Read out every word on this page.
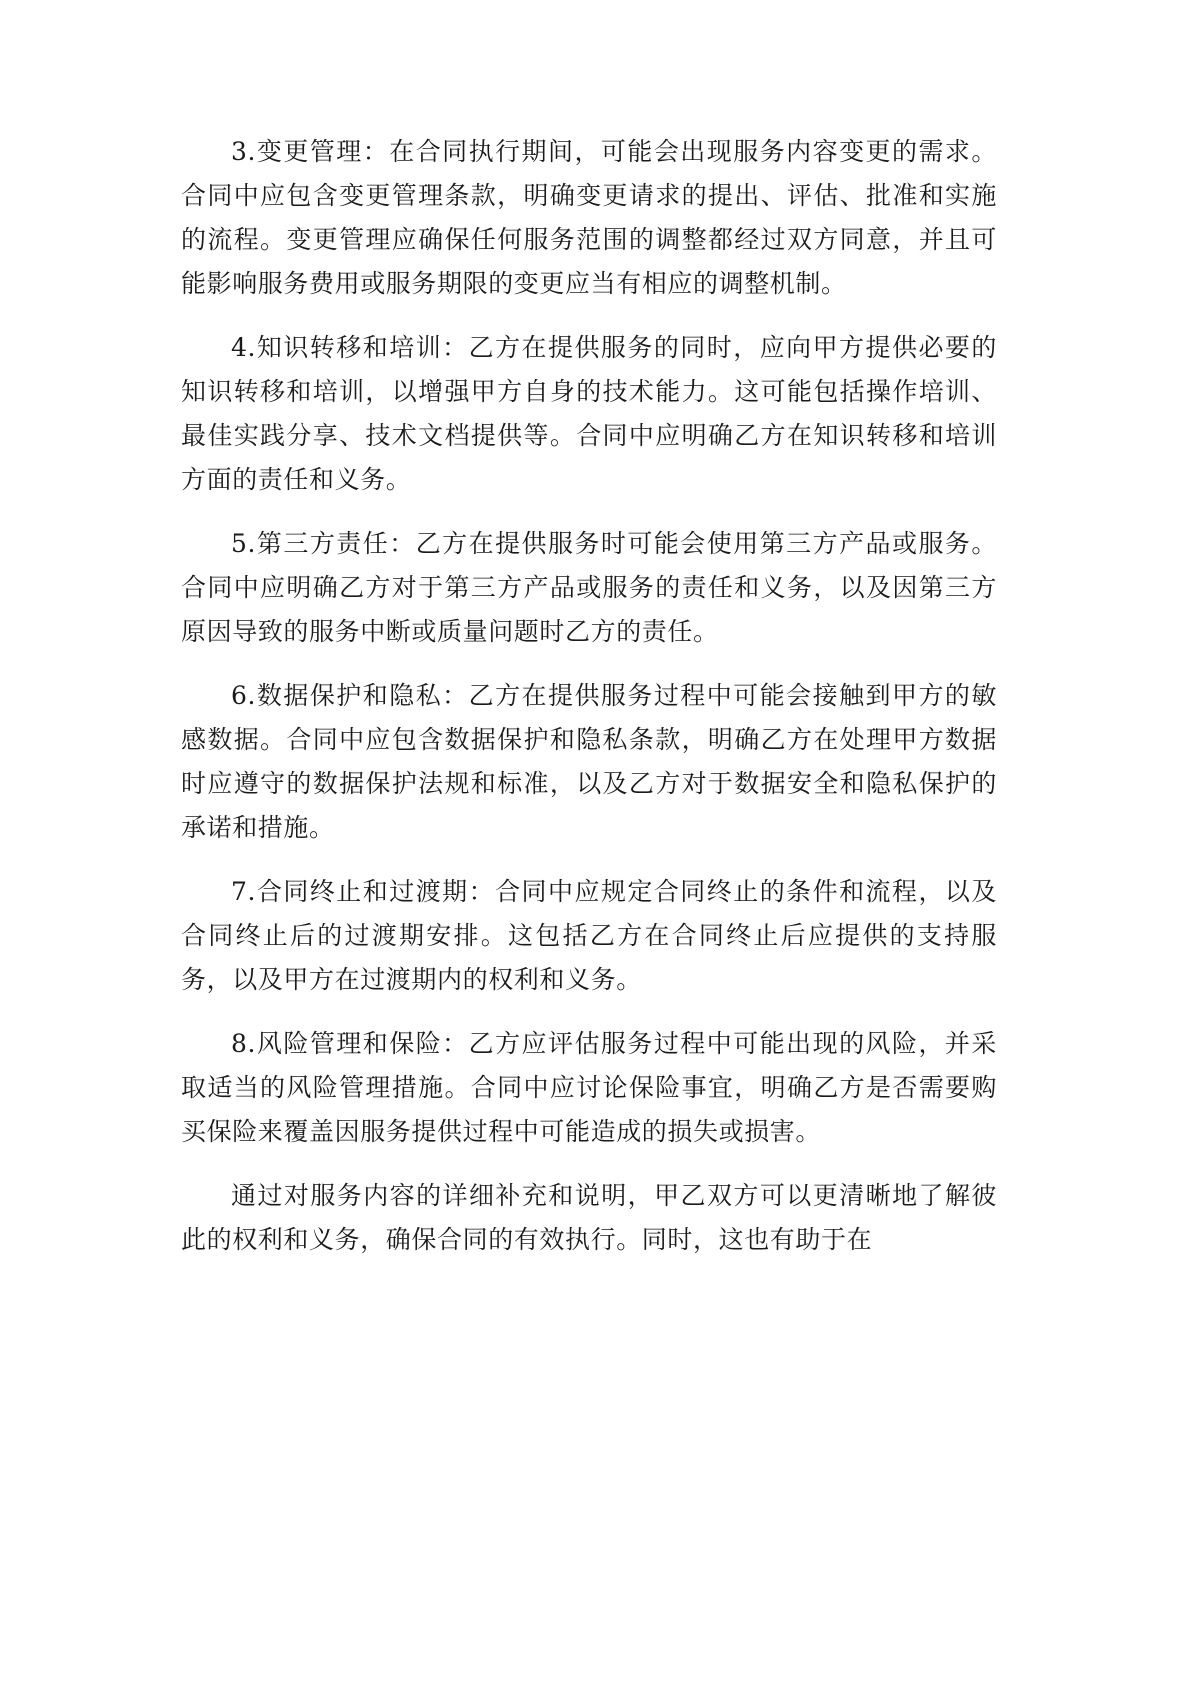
3.变更管理：在合同执行期间，可能会出现服务内容变更的需求。合同中应包含变更管理条款，明确变更请求的提出、评估、批准和实施的流程。变更管理应确保任何服务范围的调整都经过双方同意，并且可能影响服务费用或服务期限的变更应当有相应的调整机制。

4.知识转移和培训：乙方在提供服务的同时，应向甲方提供必要的知识转移和培训，以增强甲方自身的技术能力。这可能包括操作培训、最佳实践分享、技术文档提供等。合同中应明确乙方在知识转移和培训方面的责任和义务。

5.第三方责任：乙方在提供服务时可能会使用第三方产品或服务。合同中应明确乙方对于第三方产品或服务的责任和义务，以及因第三方原因导致的服务中断或质量问题时乙方的责任。

6.数据保护和隐私：乙方在提供服务过程中可能会接触到甲方的敏感数据。合同中应包含数据保护和隐私条款，明确乙方在处理甲方数据时应遵守的数据保护法规和标准，以及乙方对于数据安全和隐私保护的承诺和措施。

7.合同终止和过渡期：合同中应规定合同终止的条件和流程，以及合同终止后的过渡期安排。这包括乙方在合同终止后应提供的支持服务，以及甲方在过渡期内的权利和义务。

8.风险管理和保险：乙方应评估服务过程中可能出现的风险，并采取适当的风险管理措施。合同中应讨论保险事宜，明确乙方是否需要购买保险来覆盖因服务提供过程中可能造成的损失或损害。

通过对服务内容的详细补充和说明，甲乙双方可以更清晰地了解彼此的权利和义务，确保合同的有效执行。同时，这也有助于在
